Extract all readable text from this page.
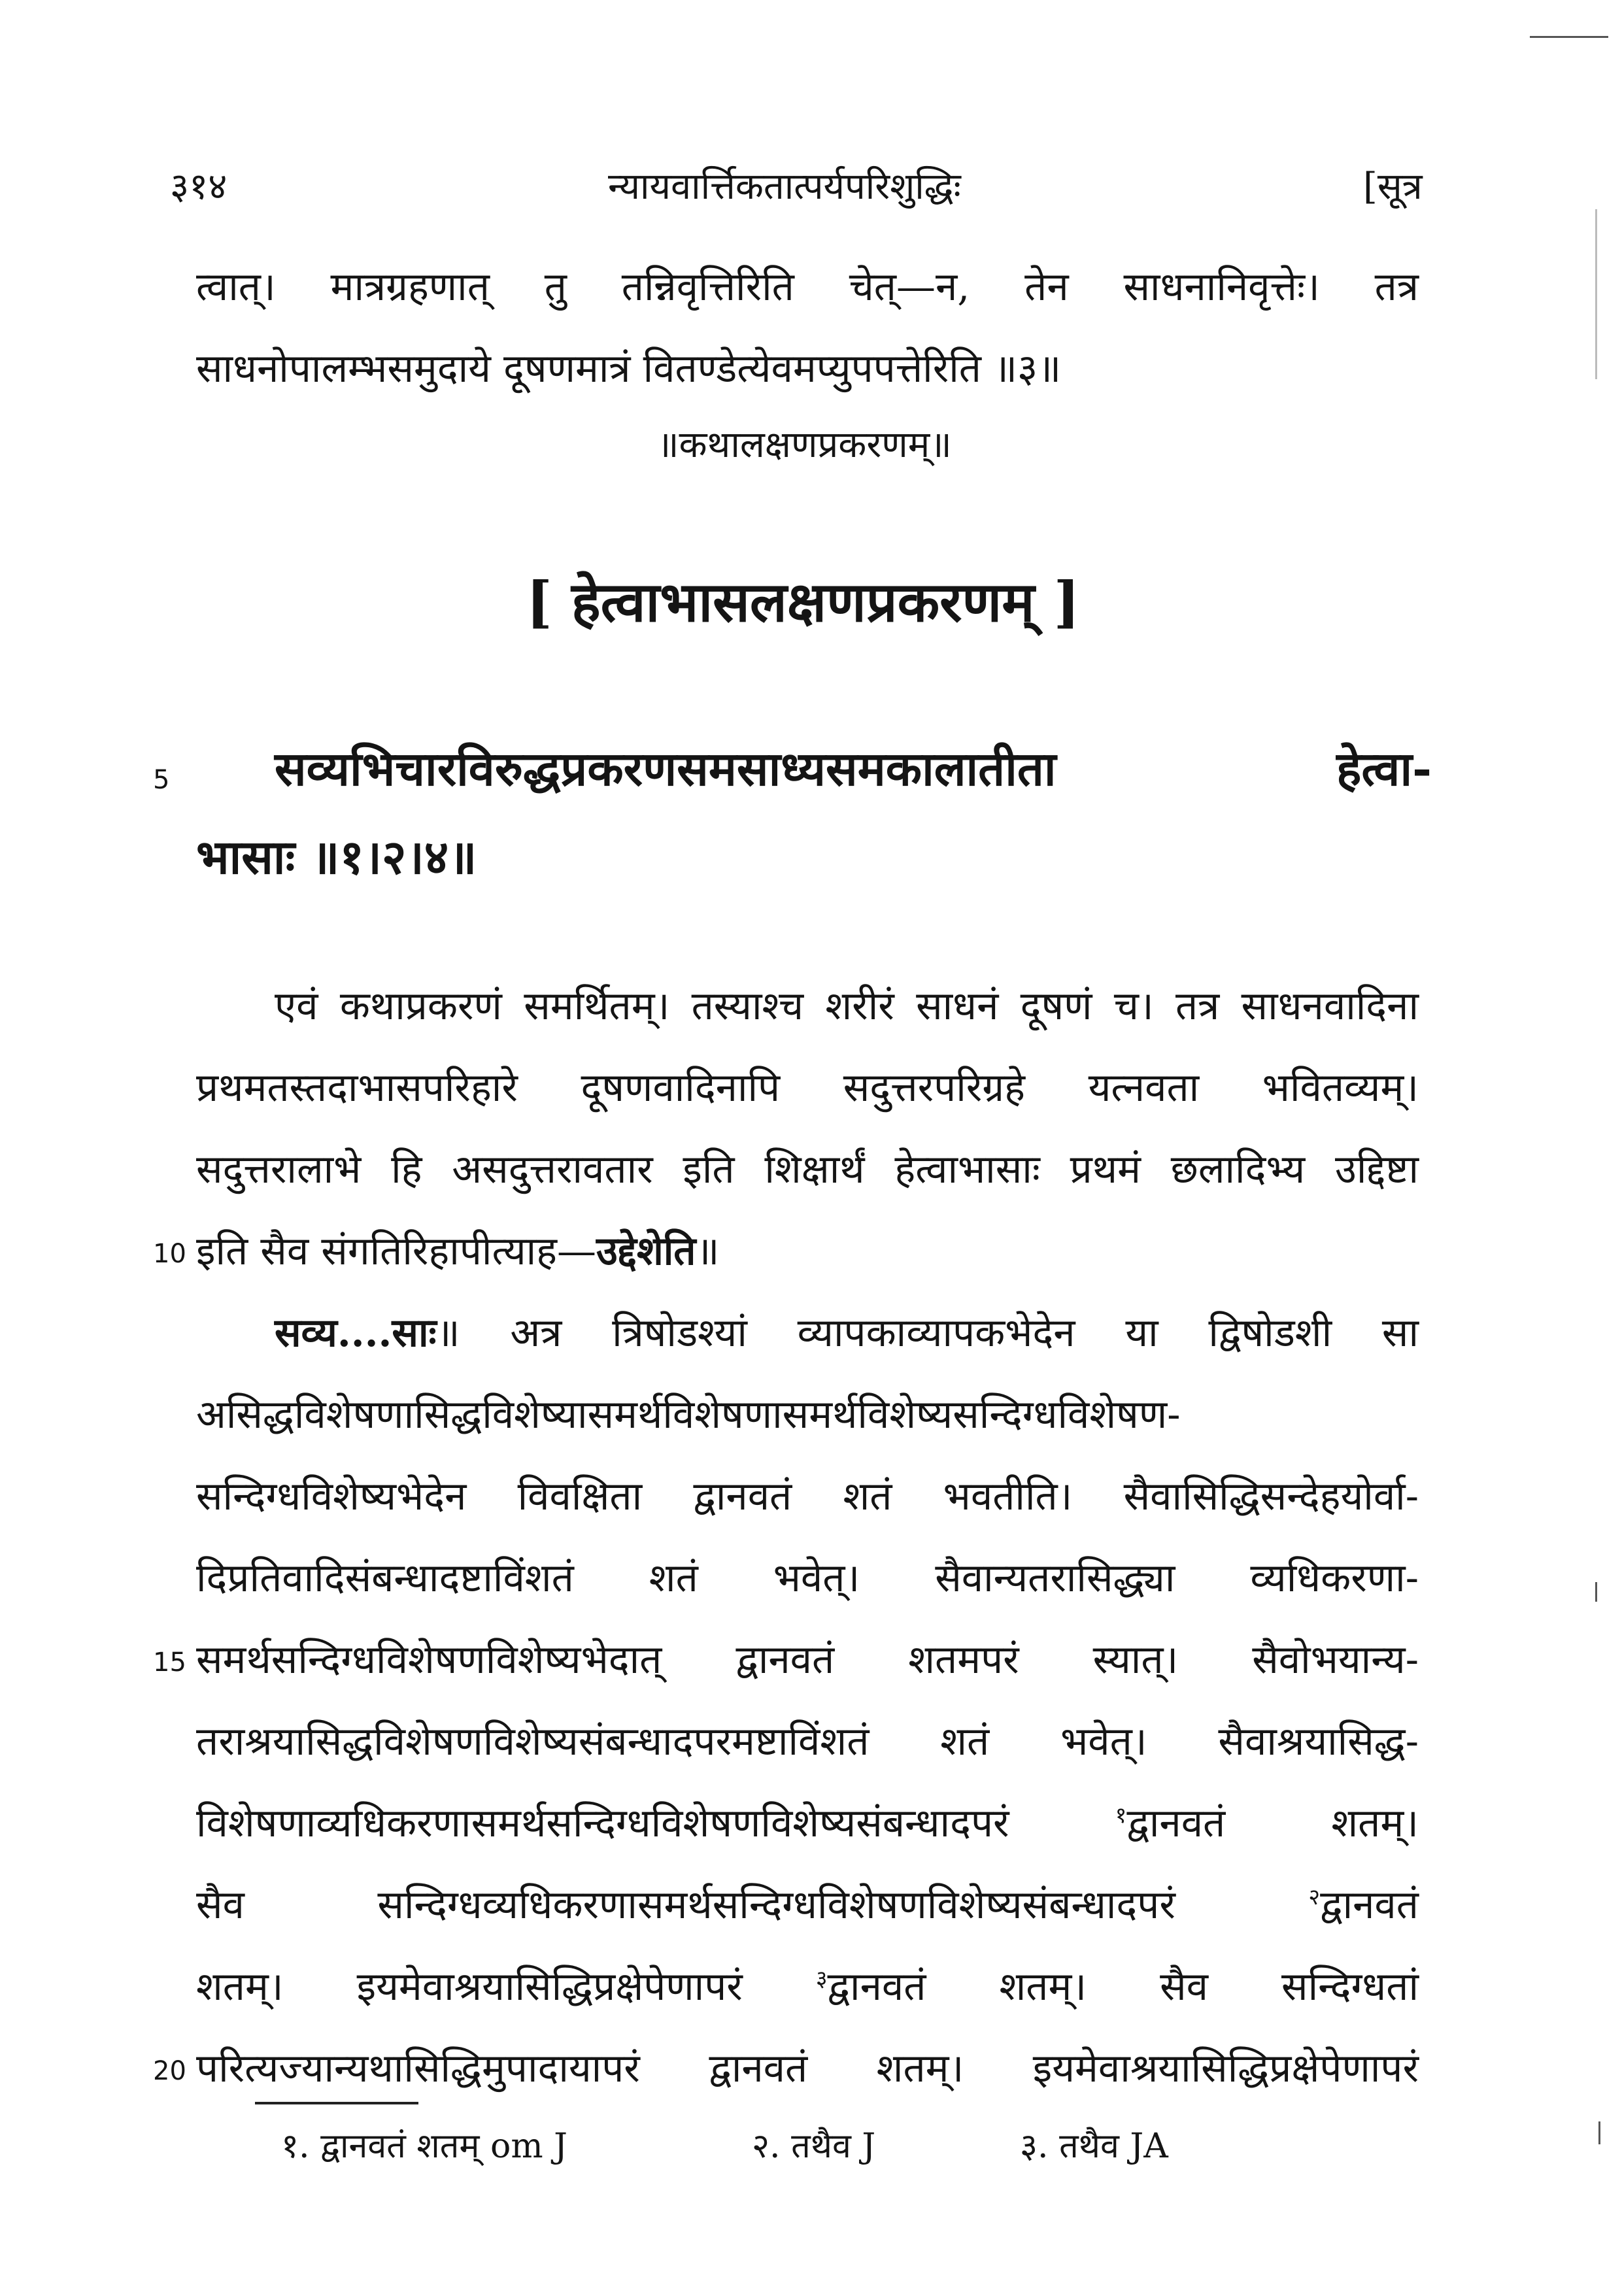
३१४	न्यायवार्त्तिकतात्पर्यपरिशुद्धिः	[सूत्र
त्वात्। मात्रग्रहणात् तु तन्निवृत्तिरिति चेत्—न, तेन साधनानिवृत्तेः। तत्र
साधनोपालम्भसमुदाये दूषणमात्रं वितण्डेत्येवमप्युपपत्तेरिति ॥३॥
॥कथालक्षणप्रकरणम्॥
[ हेत्वाभासलक्षणप्रकरणम् ]
5 सव्यभिचारविरुद्धप्रकरणसमसाध्यसमकालातीता हेत्वा-
भासाः ॥१।२।४॥
एवं कथाप्रकरणं समर्थितम्। तस्याश्च शरीरं साधनं दूषणं च। तत्र साधनवादिना
प्रथमतस्तदाभासपरिहारे दूषणवादिनापि सदुत्तरपरिग्रहे यत्नवता भवितव्यम्।
सदुत्तरालाभे हि असदुत्तरावतार इति शिक्षार्थं हेत्वाभासाः प्रथमं छलादिभ्य उद्दिष्टा
10 इति सैव संगतिरिहापीत्याह—उद्देशेति॥
सव्य....साः॥ अत्र त्रिषोडश्यां व्यापकाव्यापकभेदेन या द्विषोडशी सा
असिद्धविशेषणासिद्धविशेष्यासमर्थविशेषणासमर्थविशेष्यसन्दिग्धविशेषण-
सन्दिग्धविशेष्यभेदेन विवक्षिता द्वानवतं शतं भवतीति। सैवासिद्धिसन्देहयोर्वा-
दिप्रतिवादिसंबन्धादष्टाविंशतं शतं भवेत्। सैवान्यतरासिद्ध्या व्यधिकरणा-
15 समर्थसन्दिग्धविशेषणविशेष्यभेदात् द्वानवतं शतमपरं स्यात्। सैवोभयान्य-
तराश्रयासिद्धविशेषणविशेष्यसंबन्धादपरमष्टाविंशतं शतं भवेत्। सैवाश्रयासिद्ध-
विशेषणाव्यधिकरणासमर्थसन्दिग्धविशेषणविशेष्यसंबन्धादपरं $^१$द्वानवतं शतम्।
सैव सन्दिग्धव्यधिकरणासमर्थसन्दिग्धविशेषणविशेष्यसंबन्धादपरं $^२$द्वानवतं
शतम्। इयमेवाश्रयासिद्धिप्रक्षेपेणापरं $^३$द्वानवतं शतम्। सैव सन्दिग्धतां
20 परित्यज्यान्यथासिद्धिमुपादायापरं द्वानवतं शतम्। इयमेवाश्रयासिद्धिप्रक्षेपेणापरं
१. द्वानवतं शतम् om J	२. तथैव J	३. तथैव JA
